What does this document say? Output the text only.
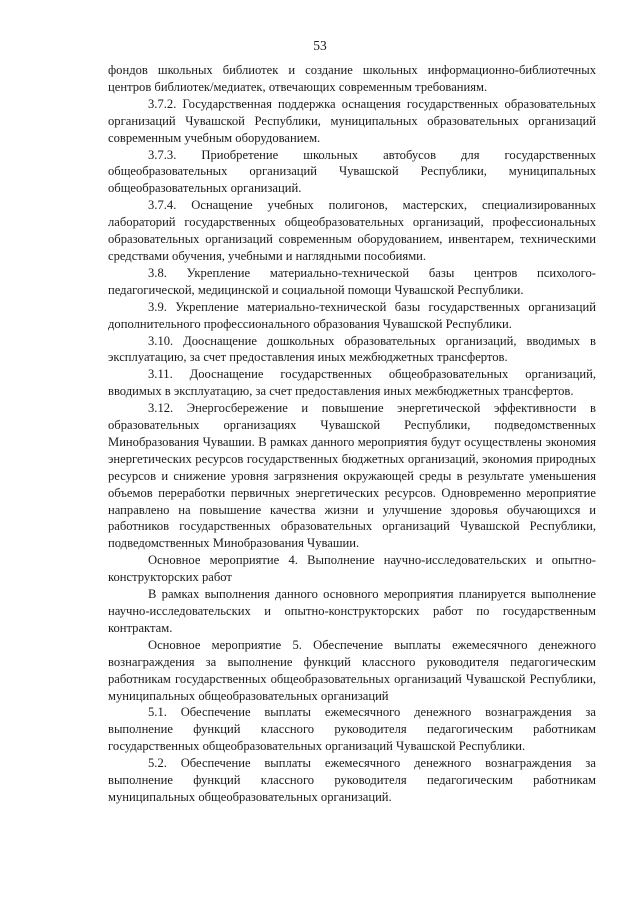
53

фондов школьных библиотек и создание школьных информационно-библиотечных центров библиотек/медиатек, отвечающих современным требованиям.

3.7.2. Государственная поддержка оснащения государственных образовательных организаций Чувашской Республики, муниципальных образовательных организаций современным учебным оборудованием.

3.7.3. Приобретение школьных автобусов для государственных общеобразовательных организаций Чувашской Республики, муниципальных общеобразовательных организаций.

3.7.4. Оснащение учебных полигонов, мастерских, специализированных лабораторий государственных общеобразовательных организаций, профессиональных образовательных организаций современным оборудованием, инвентарем, техническими средствами обучения, учебными и наглядными пособиями.

3.8. Укрепление материально-технической базы центров психолого-педагогической, медицинской и социальной помощи Чувашской Республики.

3.9. Укрепление материально-технической базы государственных организаций дополнительного профессионального образования Чувашской Республики.

3.10. Дооснащение дошкольных образовательных организаций, вводимых в эксплуатацию, за счет предоставления иных межбюджетных трансфертов.

3.11. Дооснащение государственных общеобразовательных организаций, вводимых в эксплуатацию, за счет предоставления иных межбюджетных трансфертов.

3.12. Энергосбережение и повышение энергетической эффективности в образовательных организациях Чувашской Республики, подведомственных Минобразования Чувашии. В рамках данного мероприятия будут осуществлены экономия энергетических ресурсов государственных бюджетных организаций, экономия природных ресурсов и снижение уровня загрязнения окружающей среды в результате уменьшения объемов переработки первичных энергетических ресурсов. Одновременно мероприятие направлено на повышение качества жизни и улучшение здоровья обучающихся и работников государственных образовательных организаций Чувашской Республики, подведомственных Минобразования Чувашии.

Основное мероприятие 4. Выполнение научно-исследовательских и опытно-конструкторских работ

В рамках выполнения данного основного мероприятия планируется выполнение научно-исследовательских и опытно-конструкторских работ по государственным контрактам.

Основное мероприятие 5. Обеспечение выплаты ежемесячного денежного вознаграждения за выполнение функций классного руководителя педагогическим работникам государственных общеобразовательных организаций Чувашской Республики, муниципальных общеобразовательных организаций

5.1. Обеспечение выплаты ежемесячного денежного вознаграждения за выполнение функций классного руководителя педагогическим работникам государственных общеобразовательных организаций Чувашской Республики.

5.2. Обеспечение выплаты ежемесячного денежного вознаграждения за выполнение функций классного руководителя педагогическим работникам муниципальных общеобразовательных организаций.
